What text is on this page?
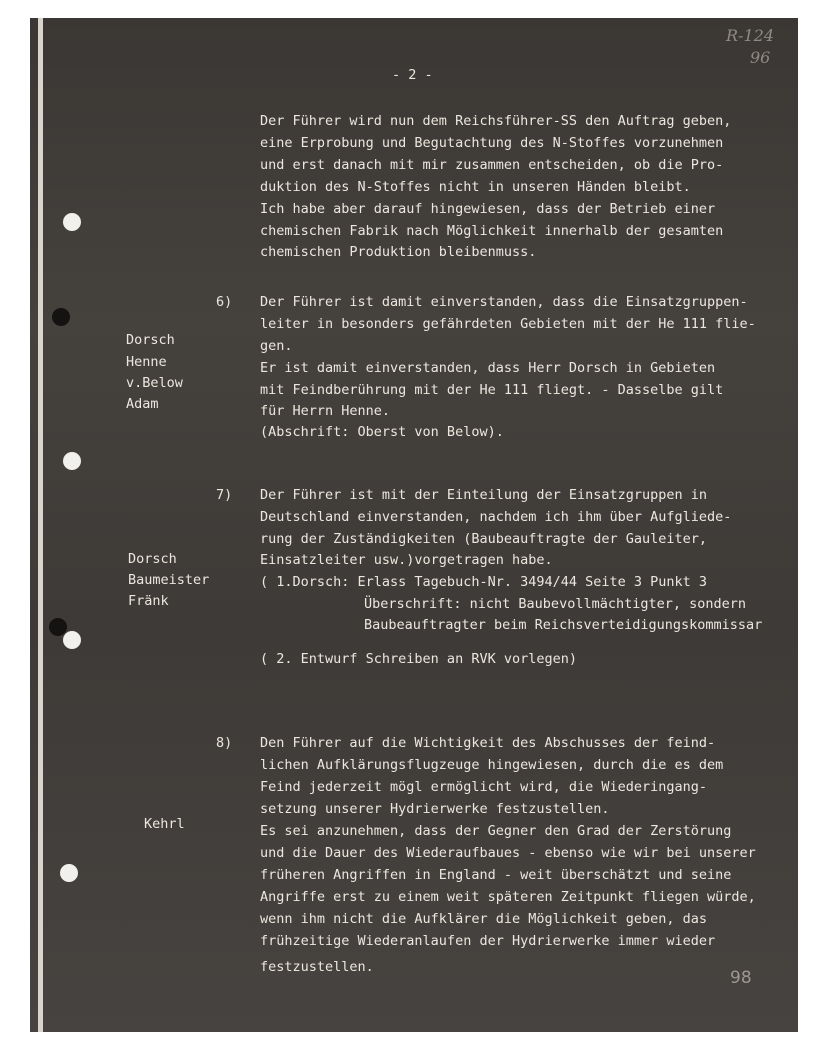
R-124
96
- 2 -
Der Führer wird nun dem Reichsführer-SS den Auftrag geben,
eine Erprobung und Begutachtung des N-Stoffes vorzunehmen
und erst danach mit mir zusammen entscheiden, ob die Pro-
duktion des N-Stoffes nicht in unseren Händen bleibt.
Ich habe aber darauf hingewiesen, dass der Betrieb einer
chemischen Fabrik nach Möglichkeit innerhalb der gesamten
chemischen Produktion bleibenmuss.
6)
Dorsch
Henne
v.Below
Adam
Der Führer ist damit einverstanden, dass die Einsatzgruppen-
leiter in besonders gefährdeten Gebieten mit der He 111 flie-
gen.
Er ist damit einverstanden, dass Herr Dorsch in Gebieten
mit Feindberührung mit der He 111 fliegt. - Dasselbe gilt
für Herrn Henne.
(Abschrift: Oberst von Below).
7)
Dorsch
Baumeister
Fränk
Der Führer ist mit der Einteilung der Einsatzgruppen in
Deutschland einverstanden, nachdem ich ihm über Aufgliede-
rung der Zuständigkeiten (Baubeauftragte der Gauleiter,
Einsatzleiter usw.)vorgetragen habe.
( 1.Dorsch: Erlass Tagebuch-Nr. 3494/44 Seite 3 Punkt 3
Überschrift: nicht Baubevollmächtigter, sondern
Baubeauftragter beim Reichsverteidigungskommissar
( 2. Entwurf Schreiben an RVK vorlegen)
8)
Kehrl
Den Führer auf die Wichtigkeit des Abschusses der feind-
lichen Aufklärungsflugzeuge hingewiesen, durch die es dem
Feind jederzeit mögl ermöglicht wird, die Wiederingang-
setzung unserer Hydrierwerke festzustellen.
Es sei anzunehmen, dass der Gegner den Grad der Zerstörung
und die Dauer des Wiederaufbaues - ebenso wie wir bei unserer
früheren Angriffen in England - weit überschätzt und seine
Angriffe erst zu einem weit späteren Zeitpunkt fliegen würde,
wenn ihm nicht die Aufklärer die Möglichkeit geben, das
frühzeitige Wiederanlaufen der Hydrierwerke immer wieder
festzustellen.
98
